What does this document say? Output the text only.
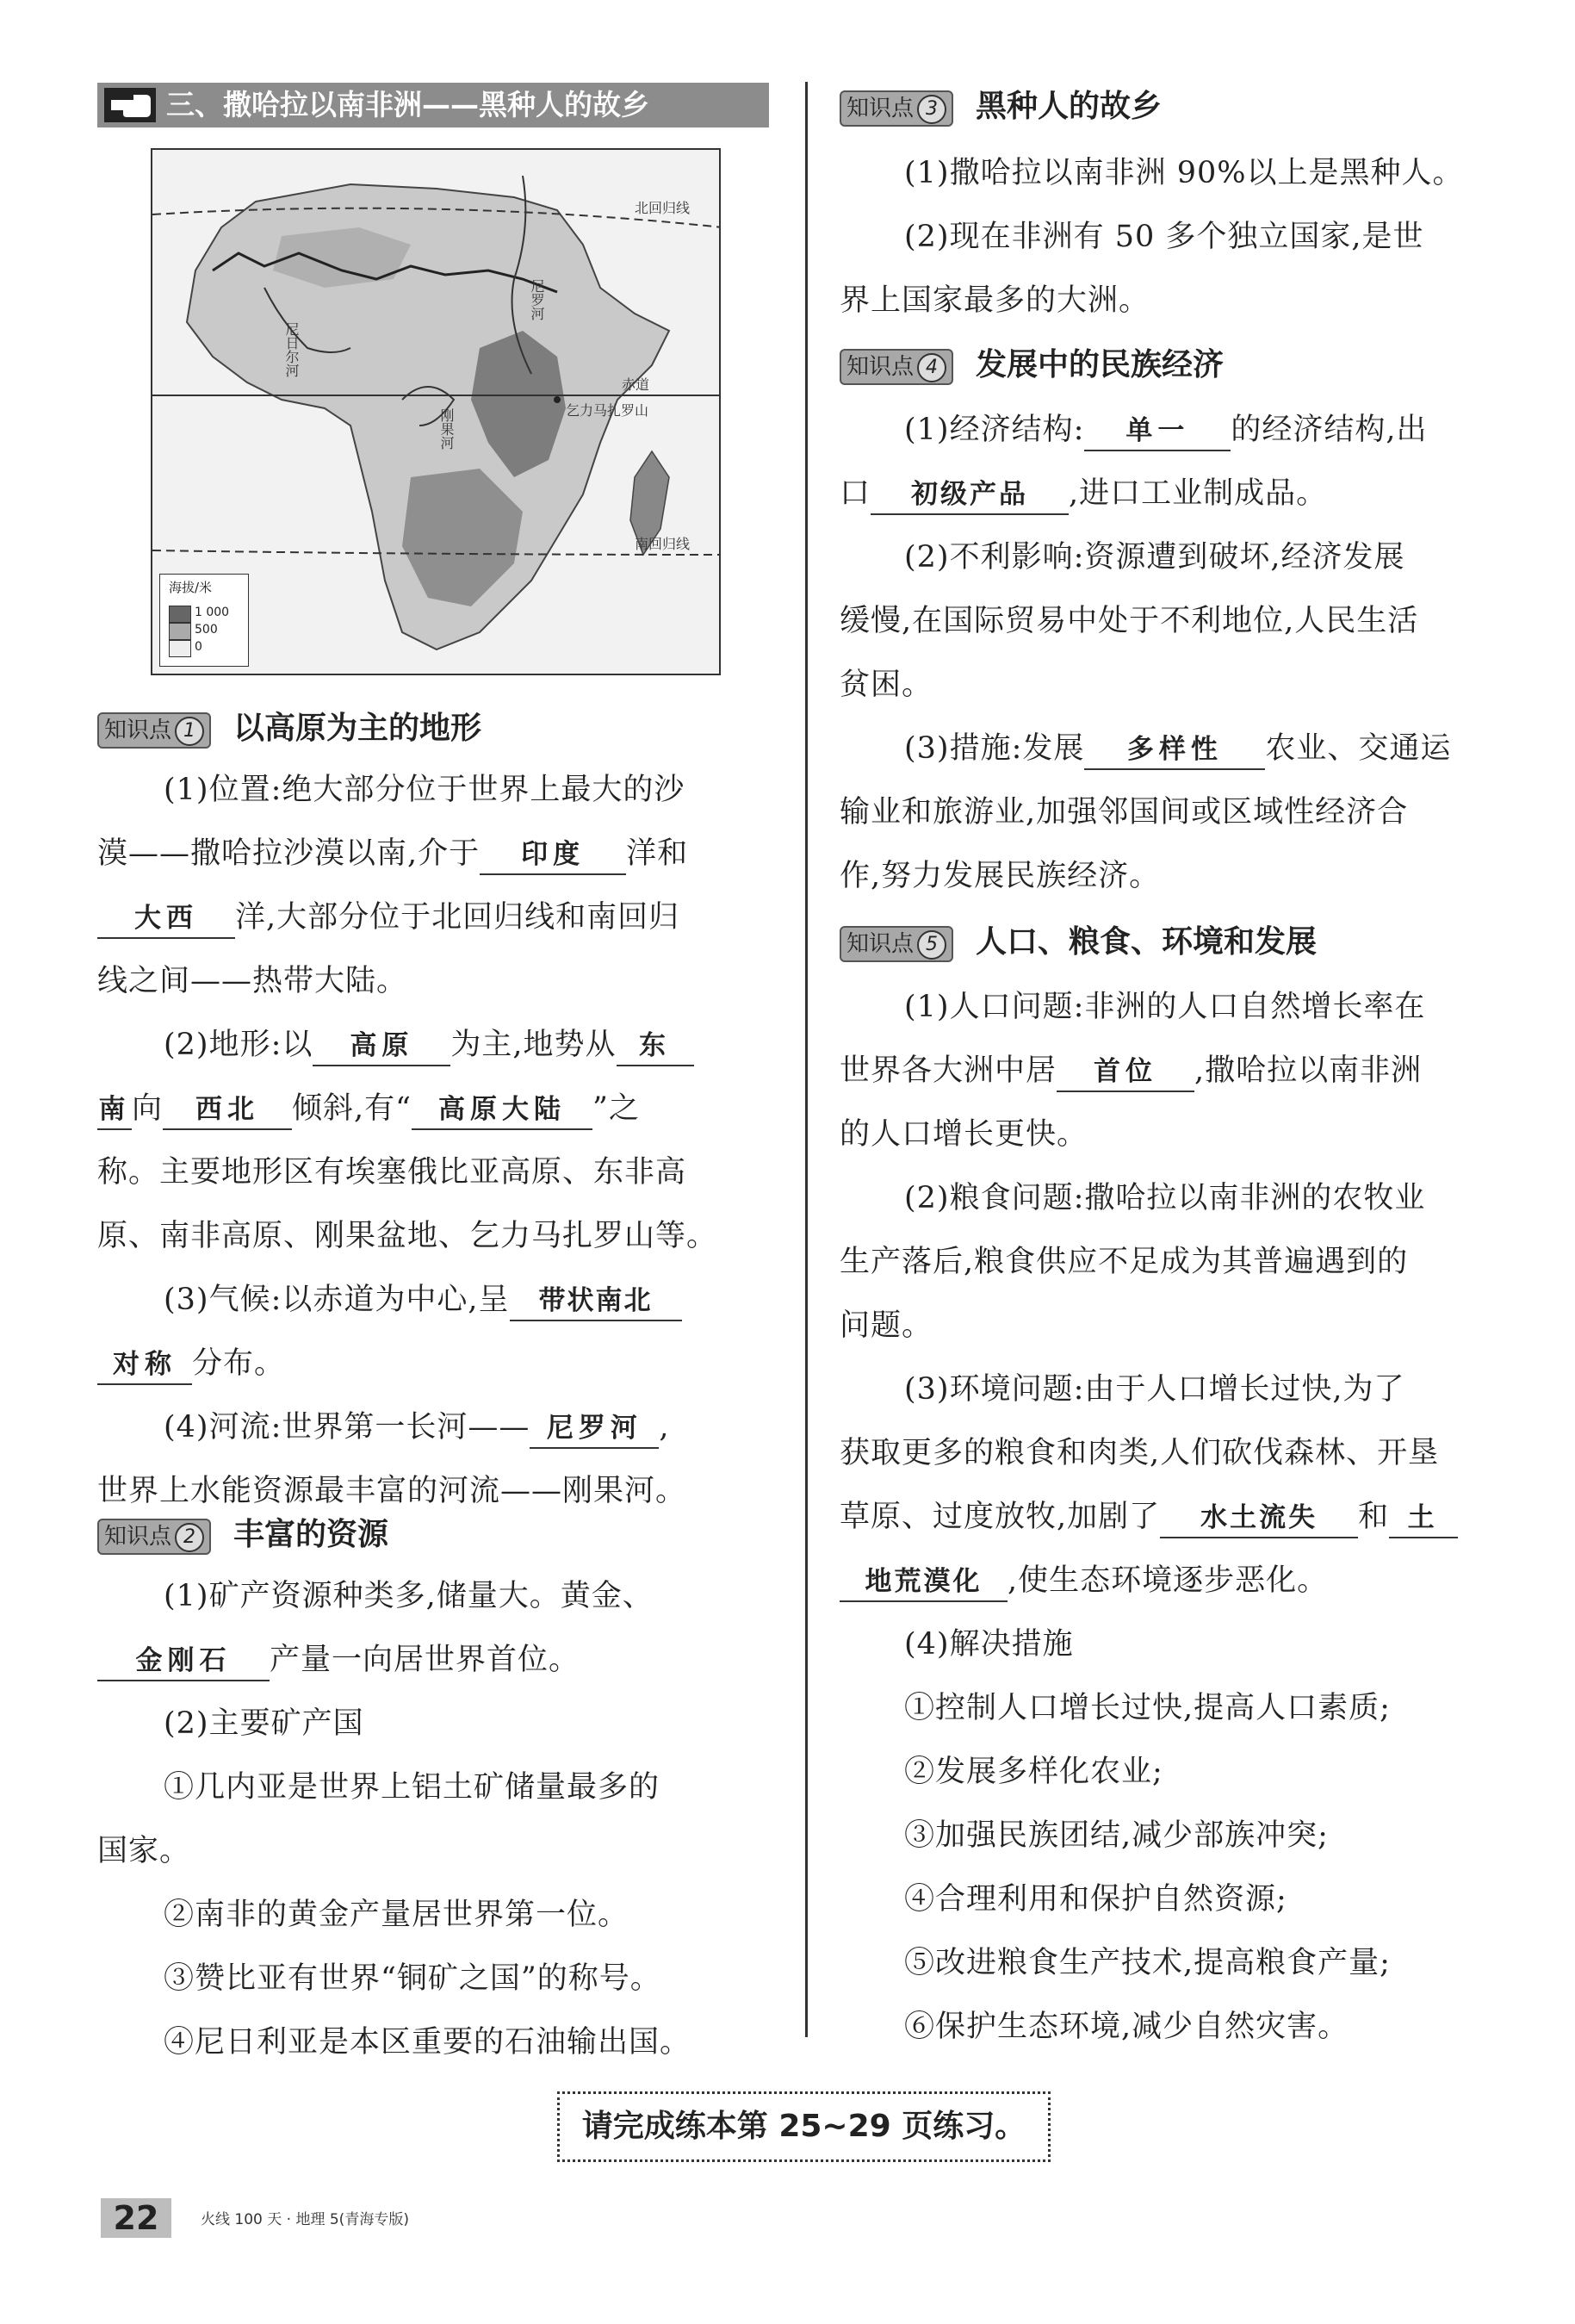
三、撒哈拉以南非洲——黑种人的故乡
赤道
北回归线
南回归线
乞力马扎罗山
尼日尔河
刚果河
尼罗河
海拔/米
1 000
500
0
知识点 1 以高原为主的地形
(1)位置:绝大部分位于世界上最大的沙
漠——撒哈拉沙漠以南,介于 印度 洋和
大西 洋,大部分位于北回归线和南回归
线之间——热带大陆。
(2)地形:以 高原 为主,地势从 东
南向 西北 倾斜,有“ 高原大陆 ”之
称。主要地形区有埃塞俄比亚高原、东非高
原、南非高原、刚果盆地、乞力马扎罗山等。
(3)气候:以赤道为中心,呈 带状南北
对称 分布。
(4)河流:世界第一长河—— 尼罗河 ,
世界上水能资源最丰富的河流——刚果河。
知识点 2 丰富的资源
(1)矿产资源种类多,储量大。黄金、
金刚石 产量一向居世界首位。
(2)主要矿产国
①几内亚是世界上铝土矿储量最多的
国家。
②南非的黄金产量居世界第一位。
③赞比亚有世界“铜矿之国”的称号。
④尼日利亚是本区重要的石油输出国。
知识点 3 黑种人的故乡
(1)撒哈拉以南非洲 90%以上是黑种人。
(2)现在非洲有 50 多个独立国家,是世
界上国家最多的大洲。
知识点 4 发展中的民族经济
(1)经济结构: 单一 的经济结构,出
口 初级产品 ,进口工业制成品。
(2)不利影响:资源遭到破坏,经济发展
缓慢,在国际贸易中处于不利地位,人民生活
贫困。
(3)措施:发展 多样性 农业、交通运
输业和旅游业,加强邻国间或区域性经济合
作,努力发展民族经济。
知识点 5 人口、粮食、环境和发展
(1)人口问题:非洲的人口自然增长率在
世界各大洲中居 首位 ,撒哈拉以南非洲
的人口增长更快。
(2)粮食问题:撒哈拉以南非洲的农牧业
生产落后,粮食供应不足成为其普遍遇到的
问题。
(3)环境问题:由于人口增长过快,为了
获取更多的粮食和肉类,人们砍伐森林、开垦
草原、过度放牧,加剧了 水土流失 和 土
地荒漠化 ,使生态环境逐步恶化。
(4)解决措施
①控制人口增长过快,提高人口素质;
②发展多样化农业;
③加强民族团结,减少部族冲突;
④合理利用和保护自然资源;
⑤改进粮食生产技术,提高粮食产量;
⑥保护生态环境,减少自然灾害。
请完成练本第 25~29 页练习。
22	火线 100 天 · 地理 5(青海专版)
